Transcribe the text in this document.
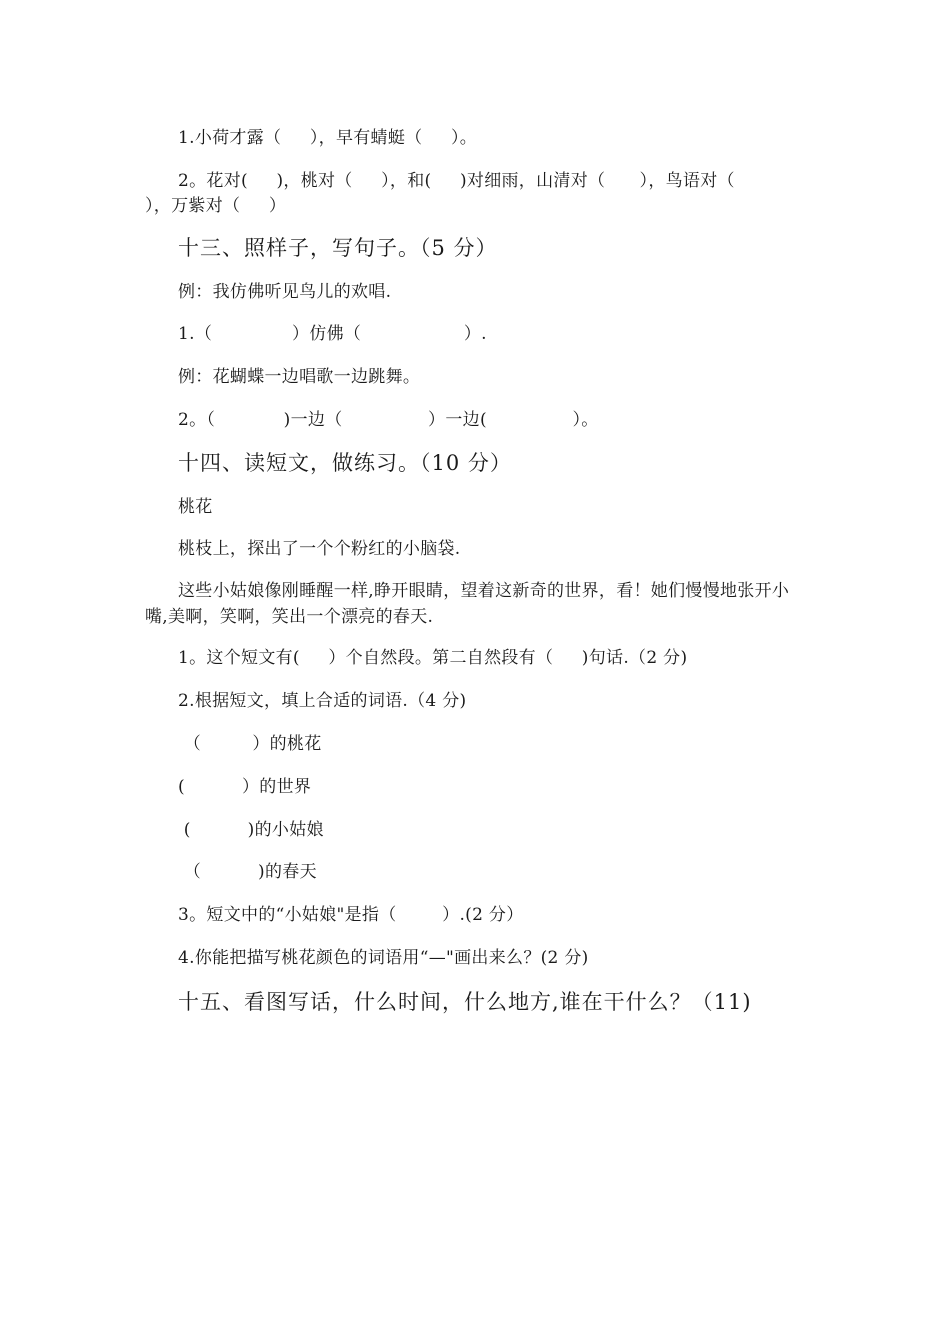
1.小荷才露（     ），早有蜻蜓（     ）。
2。花对(     )，桃对（     ），和(     )对细雨，山清对（      ），鸟语对（
），万紫对（     ）
十三、照样子，写句子。（5 分）
例：我仿佛听见鸟儿的欢唱.
1.（              ）仿佛（                  ）.
例：花蝴蝶一边唱歌一边跳舞。
2。（            )一边（               ）一边(               ）。
十四、读短文，做练习。（10 分）
桃花
桃枝上，探出了一个个粉红的小脑袋.
这些小姑娘像刚睡醒一样,睁开眼睛，望着这新奇的世界，看！她们慢慢地张开小嘴,美啊，笑啊，笑出一个漂亮的春天.
1。这个短文有(     ）个自然段。第二自然段有（     )句话.（2 分)
2.根据短文，填上合适的词语.（4 分)
（         ）的桃花
(          ）的世界
(          )的小姑娘
（          )的春天
3。短文中的“小姑娘"是指（        ）.(2 分）
4.你能把描写桃花颜色的词语用“—"画出来么？(2 分)
十五、看图写话，什么时间，什么地方,谁在干什么？（11)
